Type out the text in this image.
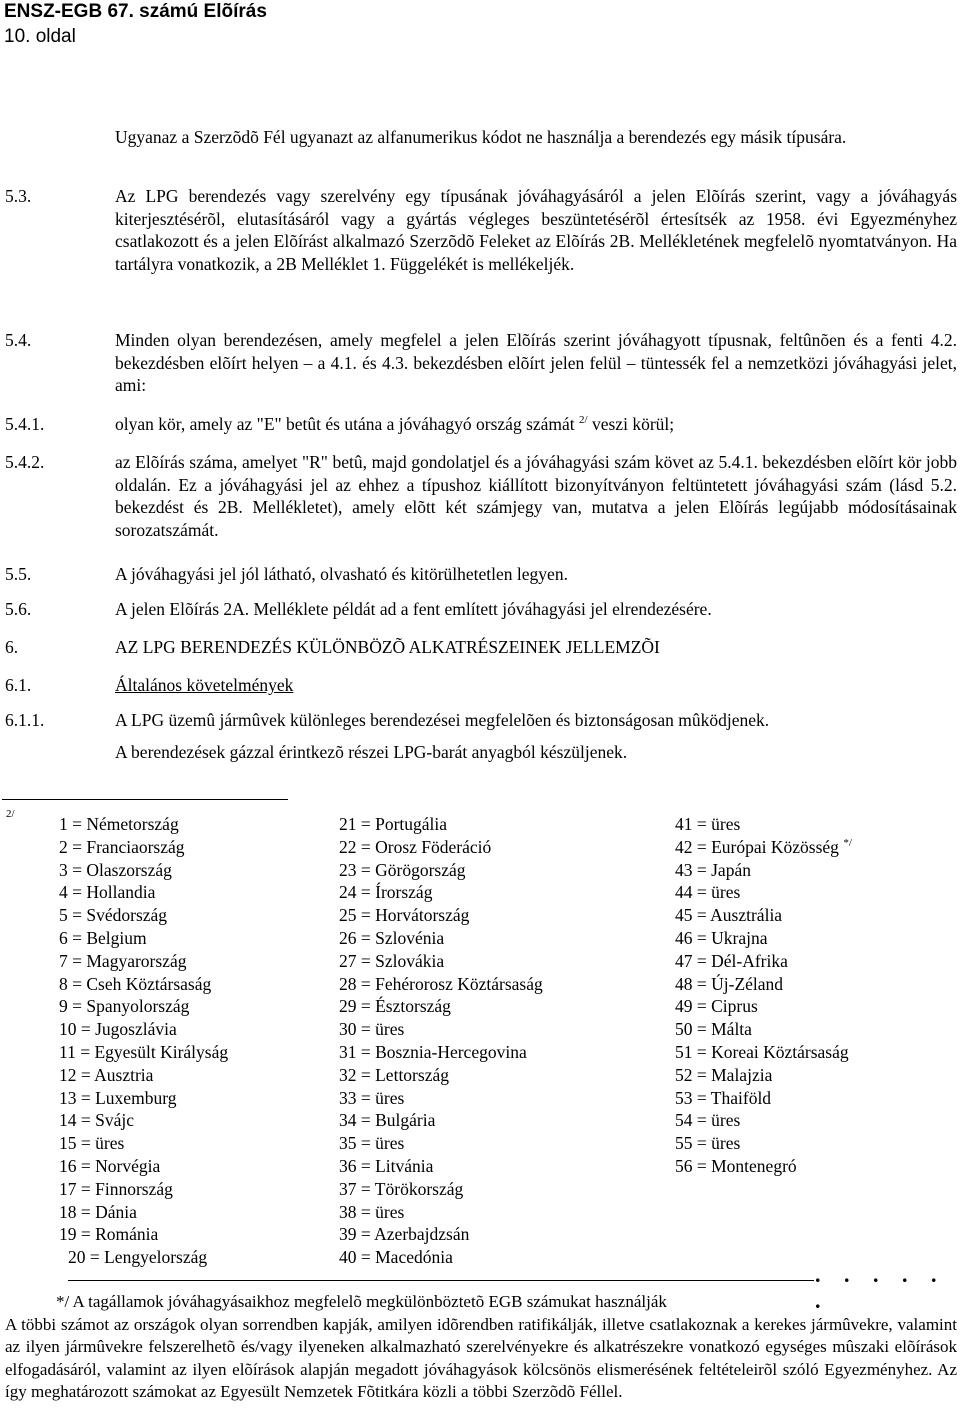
ENSZ-EGB 67. számú Elõírás
10. oldal
Ugyanaz a Szerzõdõ Fél ugyanazt az alfanumerikus kódot ne használja a berendezés egy másik típusára.
5.3.	Az LPG berendezés vagy szerelvény egy típusának jóváhagyásáról a jelen Elõírás szerint, vagy a jóváhagyás kiterjesztésérõl, elutasításáról vagy a gyártás végleges beszüntetésérõl értesítsék az 1958. évi Egyezményhez csatlakozott és a jelen Elõírást alkalmazó Szerzõdõ Feleket az Elõírás 2B. Mellékletének megfelelõ nyomtatványon. Ha tartályra vonatkozik, a 2B Melléklet 1. Függelékét is mellékeljék.
5.4.	Minden olyan berendezésen, amely megfelel a jelen Elõírás szerint jóváhagyott típusnak, feltûnõen és a fenti 4.2. bekezdésben elõírt helyen – a 4.1. és 4.3. bekezdésben elõírt jelen felül – tüntessék fel a nemzetközi jóváhagyási jelet, ami:
5.4.1.	olyan kör, amely az "E" betût és utána a jóváhagyó ország számát $^{2/}$ veszi körül;
5.4.2.	az Elõírás száma, amelyet "R" betû, majd gondolatjel és a jóváhagyási szám követ az 5.4.1. bekezdésben elõírt kör jobb oldalán. Ez a jóváhagyási jel az ehhez a típushoz kiállított bizonyítványon feltüntetett jóváhagyási szám (lásd 5.2. bekezdést és 2B. Mellékletet), amely elõtt két számjegy van, mutatva a jelen Elõírás legújabb módosításainak sorozatszámát.
5.5.	A jóváhagyási jel jól látható, olvasható és kitörülhetetlen legyen.
5.6.	A jelen Elõírás 2A. Melléklete példát ad a fent említett jóváhagyási jel elrendezésére.
6.	AZ LPG BERENDEZÉS KÜLÖNBÖZÕ ALKATRÉSZEINEK JELLEMZÕI
6.1.	Általános követelmények
6.1.1.	A LPG üzemû jármûvek különleges berendezései megfelelõen és biztonságosan mûködjenek.
A berendezések gázzal érintkezõ részei LPG-barát anyagból készüljenek.
2/	1 = Németország
2 = Franciaország
3 = Olaszország
4 = Hollandia
5 = Svédország
6 = Belgium
7 = Magyarország
8 = Cseh Köztársaság
9 = Spanyolország
10 = Jugoszlávia
11 = Egyesült Királyság
12 = Ausztria
13 = Luxemburg
14 = Svájc
15 = üres
16 = Norvégia
17 = Finnország
18 = Dánia
19 = Románia
20 = Lengyelország
21 = Portugália
22 = Orosz Föderáció
23 = Görögország
24 = Írország
25 = Horvátország
26 = Szlovénia
27 = Szlovákia
28 = Fehérorosz Köztársaság
29 = Észtország
30 = üres
31 = Bosznia-Hercegovina
32 = Lettország
33 = üres
34 = Bulgária
35 = üres
36 = Litvánia
37 = Törökország
38 = üres
39 = Azerbajdzsán
40 = Macedónia
41 = üres
42 = Európai Közösség */
43 = Japán
44 = üres
45 = Ausztrália
46 = Ukrajna
47 = Dél-Afrika
48 = Új-Zéland
49 = Ciprus
50 = Málta
51 = Koreai Köztársaság
52 = Malajzia
53 = Thaiföld
54 = üres
55 = üres
56 = Montenegró
. . . . . .
*/ A tagállamok jóváhagyásaikhoz megfelelõ megkülönböztetõ EGB számukat használják
A többi számot az országok olyan sorrendben kapják, amilyen idõrendben ratifikálják, illetve csatlakoznak a kerekes jármûvekre, valamint az ilyen jármûvekre felszerelhetõ és/vagy ilyeneken alkalmazható szerelvényekre és alkatrészekre vonatkozó egységes mûszaki elõírások elfogadásáról, valamint az ilyen elõírások alapján megadott jóváhagyások kölcsönös elismerésének feltételeirõl szóló Egyezményhez. Az így meghatározott számokat az Egyesült Nemzetek Fõtitkára közli a többi Szerzõdõ Féllel.
